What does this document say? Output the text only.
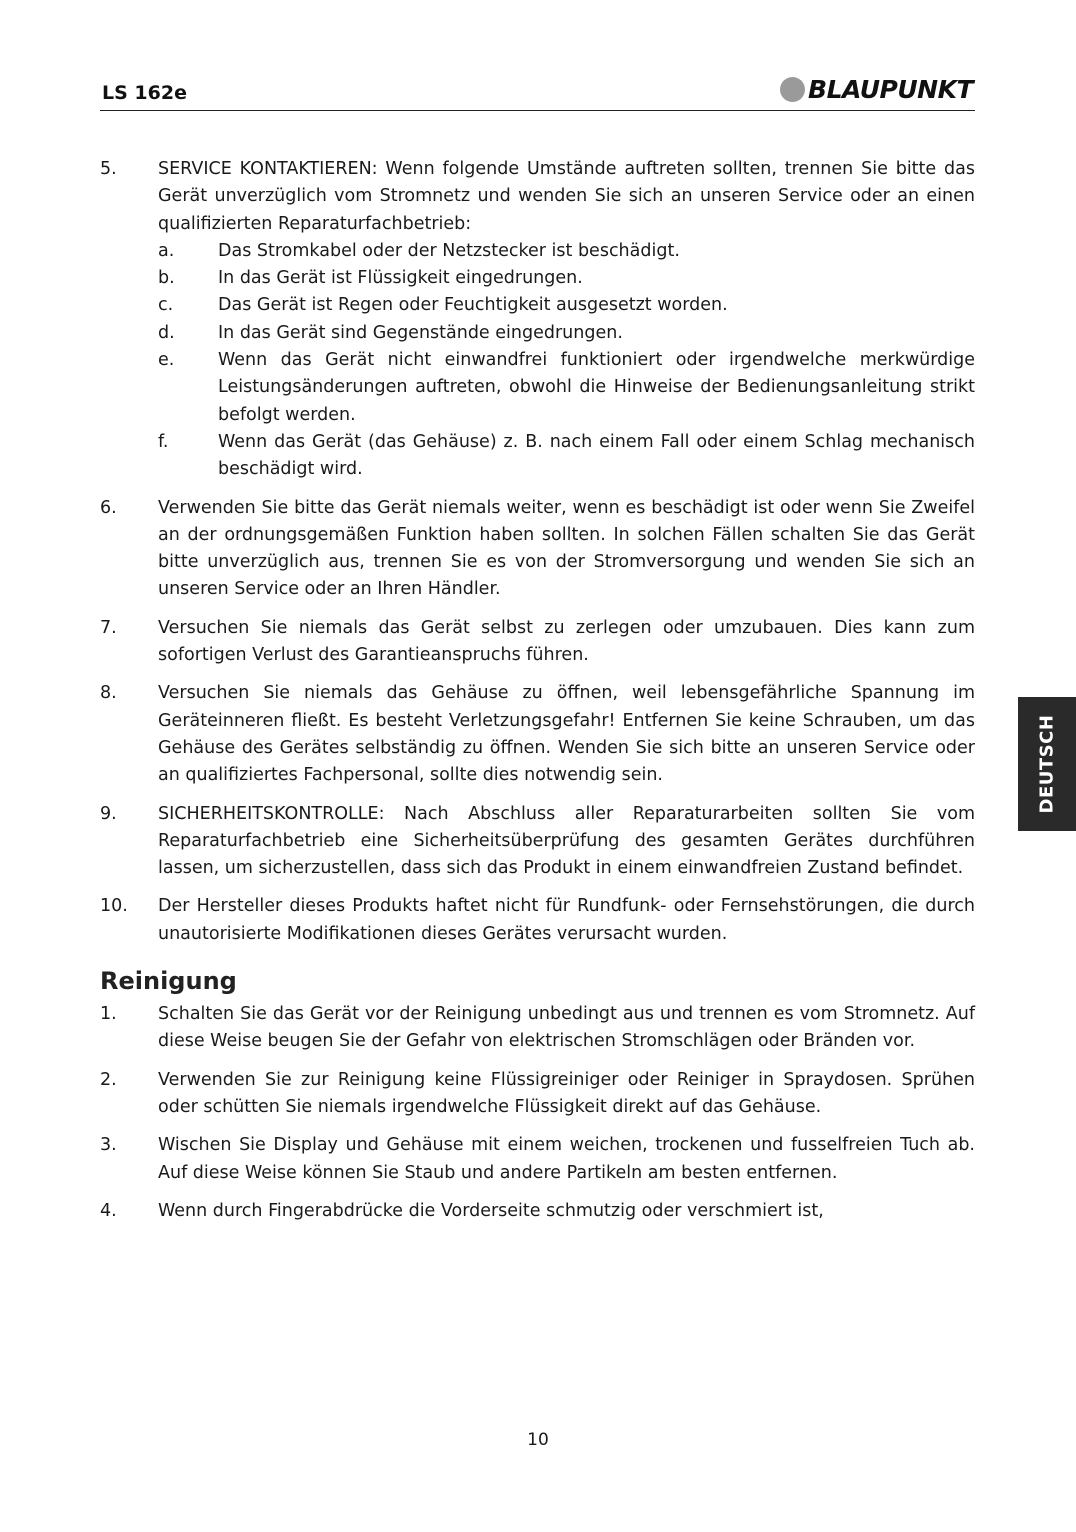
LS 162e	BLAUPUNKT
5.	SERVICE KONTAKTIEREN: Wenn folgende Umstände auftreten sollten, trennen Sie bitte das Gerät unverzüglich vom Stromnetz und wenden Sie sich an unseren Service oder an einen qualifizierten Reparaturfachbetrieb:
a.	Das Stromkabel oder der Netzstecker ist beschädigt.
b.	In das Gerät ist Flüssigkeit eingedrungen.
c.	Das Gerät ist Regen oder Feuchtigkeit ausgesetzt worden.
d.	In das Gerät sind Gegenstände eingedrungen.
e.	Wenn das Gerät nicht einwandfrei funktioniert oder irgendwelche merkwürdige Leistungsänderungen auftreten, obwohl die Hinweise der Bedienungsanleitung strikt befolgt werden.
f.	Wenn das Gerät (das Gehäuse) z. B. nach einem Fall oder einem Schlag mechanisch beschädigt wird.
6.	Verwenden Sie bitte das Gerät niemals weiter, wenn es beschädigt ist oder wenn Sie Zweifel an der ordnungsgemäßen Funktion haben sollten. In solchen Fällen schalten Sie das Gerät bitte unverzüglich aus, trennen Sie es von der Stromversorgung und wenden Sie sich an unseren Service oder an Ihren Händler.
7.	Versuchen Sie niemals das Gerät selbst zu zerlegen oder umzubauen. Dies kann zum sofortigen Verlust des Garantieanspruchs führen.
8.	Versuchen Sie niemals das Gehäuse zu öffnen, weil lebensgefährliche Spannung im Geräteinneren fließt. Es besteht Verletzungsgefahr! Entfernen Sie keine Schrauben, um das Gehäuse des Gerätes selbständig zu öffnen. Wenden Sie sich bitte an unseren Service oder an qualifiziertes Fachpersonal, sollte dies notwendig sein.
9.	SICHERHEITSKONTROLLE: Nach Abschluss aller Reparaturarbeiten sollten Sie vom Reparaturfachbetrieb eine Sicherheitsüberprüfung des gesamten Gerätes durchführen lassen, um sicherzustellen, dass sich das Produkt in einem einwandfreien Zustand befindet.
10.	Der Hersteller dieses Produkts haftet nicht für Rundfunk- oder Fernsehstörungen, die durch unautorisierte Modifikationen dieses Gerätes verursacht wurden.
Reinigung
1.	Schalten Sie das Gerät vor der Reinigung unbedingt aus und trennen es vom Stromnetz. Auf diese Weise beugen Sie der Gefahr von elektrischen Stromschlägen oder Bränden vor.
2.	Verwenden Sie zur Reinigung keine Flüssigreiniger oder Reiniger in Spraydosen. Sprühen oder schütten Sie niemals irgendwelche Flüssigkeit direkt auf das Gehäuse.
3.	Wischen Sie Display und Gehäuse mit einem weichen, trockenen und fusselfreien Tuch ab. Auf diese Weise können Sie Staub und andere Partikeln am besten entfernen.
4.	Wenn durch Fingerabdrücke die Vorderseite schmutzig oder verschmiert ist,
DEUTSCH
10
